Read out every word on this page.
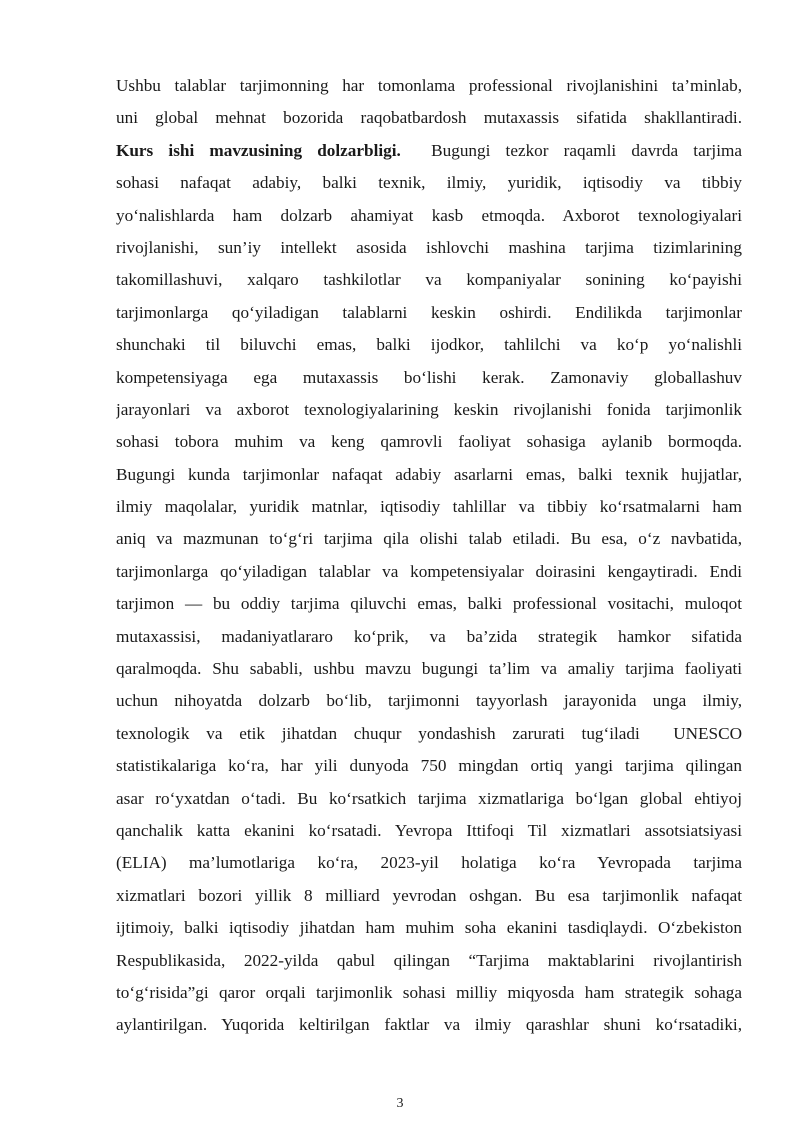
Ushbu talablar tarjimonning har tomonlama professional rivojlanishini ta’minlab,
uni global mehnat bozorida raqobatbardosh mutaxassis sifatida shakllantiradi.
Kurs ishi mavzusining dolzarbligi.  Bugungi tezkor raqamli davrda tarjima
sohasi nafaqat adabiy, balki texnik, ilmiy, yuridik, iqtisodiy va tibbiy
yo‘nalishlarda ham dolzarb ahamiyat kasb etmoqda. Axborot texnologiyalari
rivojlanishi, sun’iy intellekt asosida ishlovchi mashina tarjima tizimlarining
takomillashuvi, xalqaro tashkilotlar va kompaniyalar sonining ko‘payishi
tarjimonlarga qo‘yiladigan talablarni keskin oshirdi. Endilikda tarjimonlar
shunchaki til biluvchi emas, balki ijodkor, tahlilchi va ko‘p yo‘nalishli
kompetensiyaga ega mutaxassis bo‘lishi kerak. Zamonaviy globallashuv
jarayonlari va axborot texnologiyalarining keskin rivojlanishi fonida tarjimonlik
sohasi tobora muhim va keng qamrovli faoliyat sohasiga aylanib bormoqda.
Bugungi kunda tarjimonlar nafaqat adabiy asarlarni emas, balki texnik hujjatlar,
ilmiy maqolalar, yuridik matnlar, iqtisodiy tahlillar va tibbiy ko‘rsatmalarni ham
aniq va mazmunan to‘g‘ri tarjima qila olishi talab etiladi. Bu esa, o‘z navbatida,
tarjimonlarga qo‘yiladigan talablar va kompetensiyalar doirasini kengaytiradi. Endi
tarjimon — bu oddiy tarjima qiluvchi emas, balki professional vositachi, muloqot
mutaxassisi, madaniyatlararo ko‘prik, va ba’zida strategik hamkor sifatida
qaralmoqda. Shu sababli, ushbu mavzu bugungi ta’lim va amaliy tarjima faoliyati
uchun nihoyatda dolzarb bo‘lib, tarjimonni tayyorlash jarayonida unga ilmiy,
texnologik va etik jihatdan chuqur yondashish zarurati tug‘iladi  UNESCO
statistikalariga ko‘ra, har yili dunyoda 750 mingdan ortiq yangi tarjima qilingan
asar ro‘yxatdan o‘tadi. Bu ko‘rsatkich tarjima xizmatlariga bo‘lgan global ehtiyoj
qanchalik katta ekanini ko‘rsatadi. Yevropa Ittifoqi Til xizmatlari assotsiatsiyasi
(ELIA) ma’lumotlariga ko‘ra, 2023-yil holatiga ko‘ra Yevropada tarjima
xizmatlari bozori yillik 8 milliard yevrodan oshgan. Bu esa tarjimonlik nafaqat
ijtimoiy, balki iqtisodiy jihatdan ham muhim soha ekanini tasdiqlaydi. O‘zbekiston
Respublikasida, 2022-yilda qabul qilingan “Tarjima maktablarini rivojlantirish
to‘g‘risida”gi qaror orqali tarjimonlik sohasi milliy miqyosda ham strategik sohaga
aylantirilgan. Yuqorida keltirilgan faktlar va ilmiy qarashlar shuni ko‘rsatadiki,
3
